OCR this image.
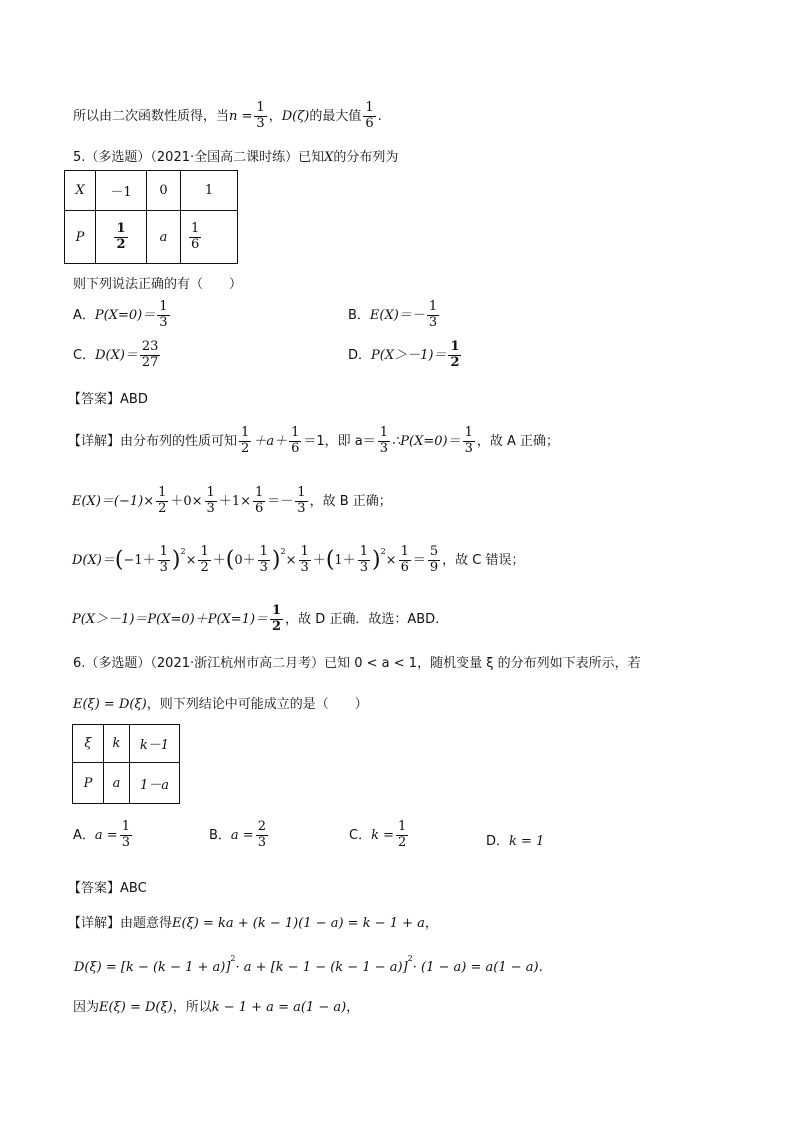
所以由二次函数性质得，当$n = \frac{1}{3}$ ，D(ζ)的最大值 $\frac{1}{6}$ .
5.（多选题）（2021·全国高二课时练）已知X的分布列为
X	－1	0	1
P	$\frac{1}{2}$	a	$\frac{1}{6}$
则下列说法正确的有（　　）
A．$P(X=0)= \frac{1}{3}$	B．$E(X)=- \frac{1}{3}$
C．$D(X)= \frac{23}{27}$	D．$P(X>-1)= \frac{1}{2}$
【答案】ABD
【详解】由分布列的性质可知 $\frac{1}{2} +a+ \frac{1}{6} =1$，即 $a= \frac{1}{3}$ ∴P(X=0)＝ $\frac{1}{3}$ ，故 A 正确；
$E(X)=(-1)\times \frac{1}{2} +0\times \frac{1}{3} +1\times \frac{1}{6} =- \frac{1}{3}$ ，故 B 正确；
$D(X)=(-1+ \frac{1}{3} )^2\times \frac{1}{2} +(0+ \frac{1}{3} )^2\times \frac{1}{3} +(1+ \frac{1}{3} )^2\times \frac{1}{6} = \frac{5}{9}$ ，故 C 错误；
$P(X>-1)=P(X=0)+P(X=1)= \frac{1}{2}$ ，故 D 正确．故选：ABD.
6.（多选题）（2021·浙江杭州市高二月考）已知 0 < a < 1，随机变量 ξ 的分布列如下表所示，若
E(ξ) = D(ξ)，则下列结论中可能成立的是（　　）
ξ	k	k－1
P	a	1－a
A．$a = \frac{1}{3}$	B．$a = \frac{2}{3}$	C．$k = \frac{1}{2}$	D．k = 1
【答案】ABC
【详解】由题意得E(ξ) = ka + (k − 1)(1 − a) = k − 1 + a，
$D(\xi) = [k - (k - 1 + a)]^2\cdot a + [k - 1 - (k - 1 - a)]^2\cdot (1 - a) = a(1 - a)$.
因为E(ξ) = D(ξ)，所以k − 1 + a = a(1 − a)，
